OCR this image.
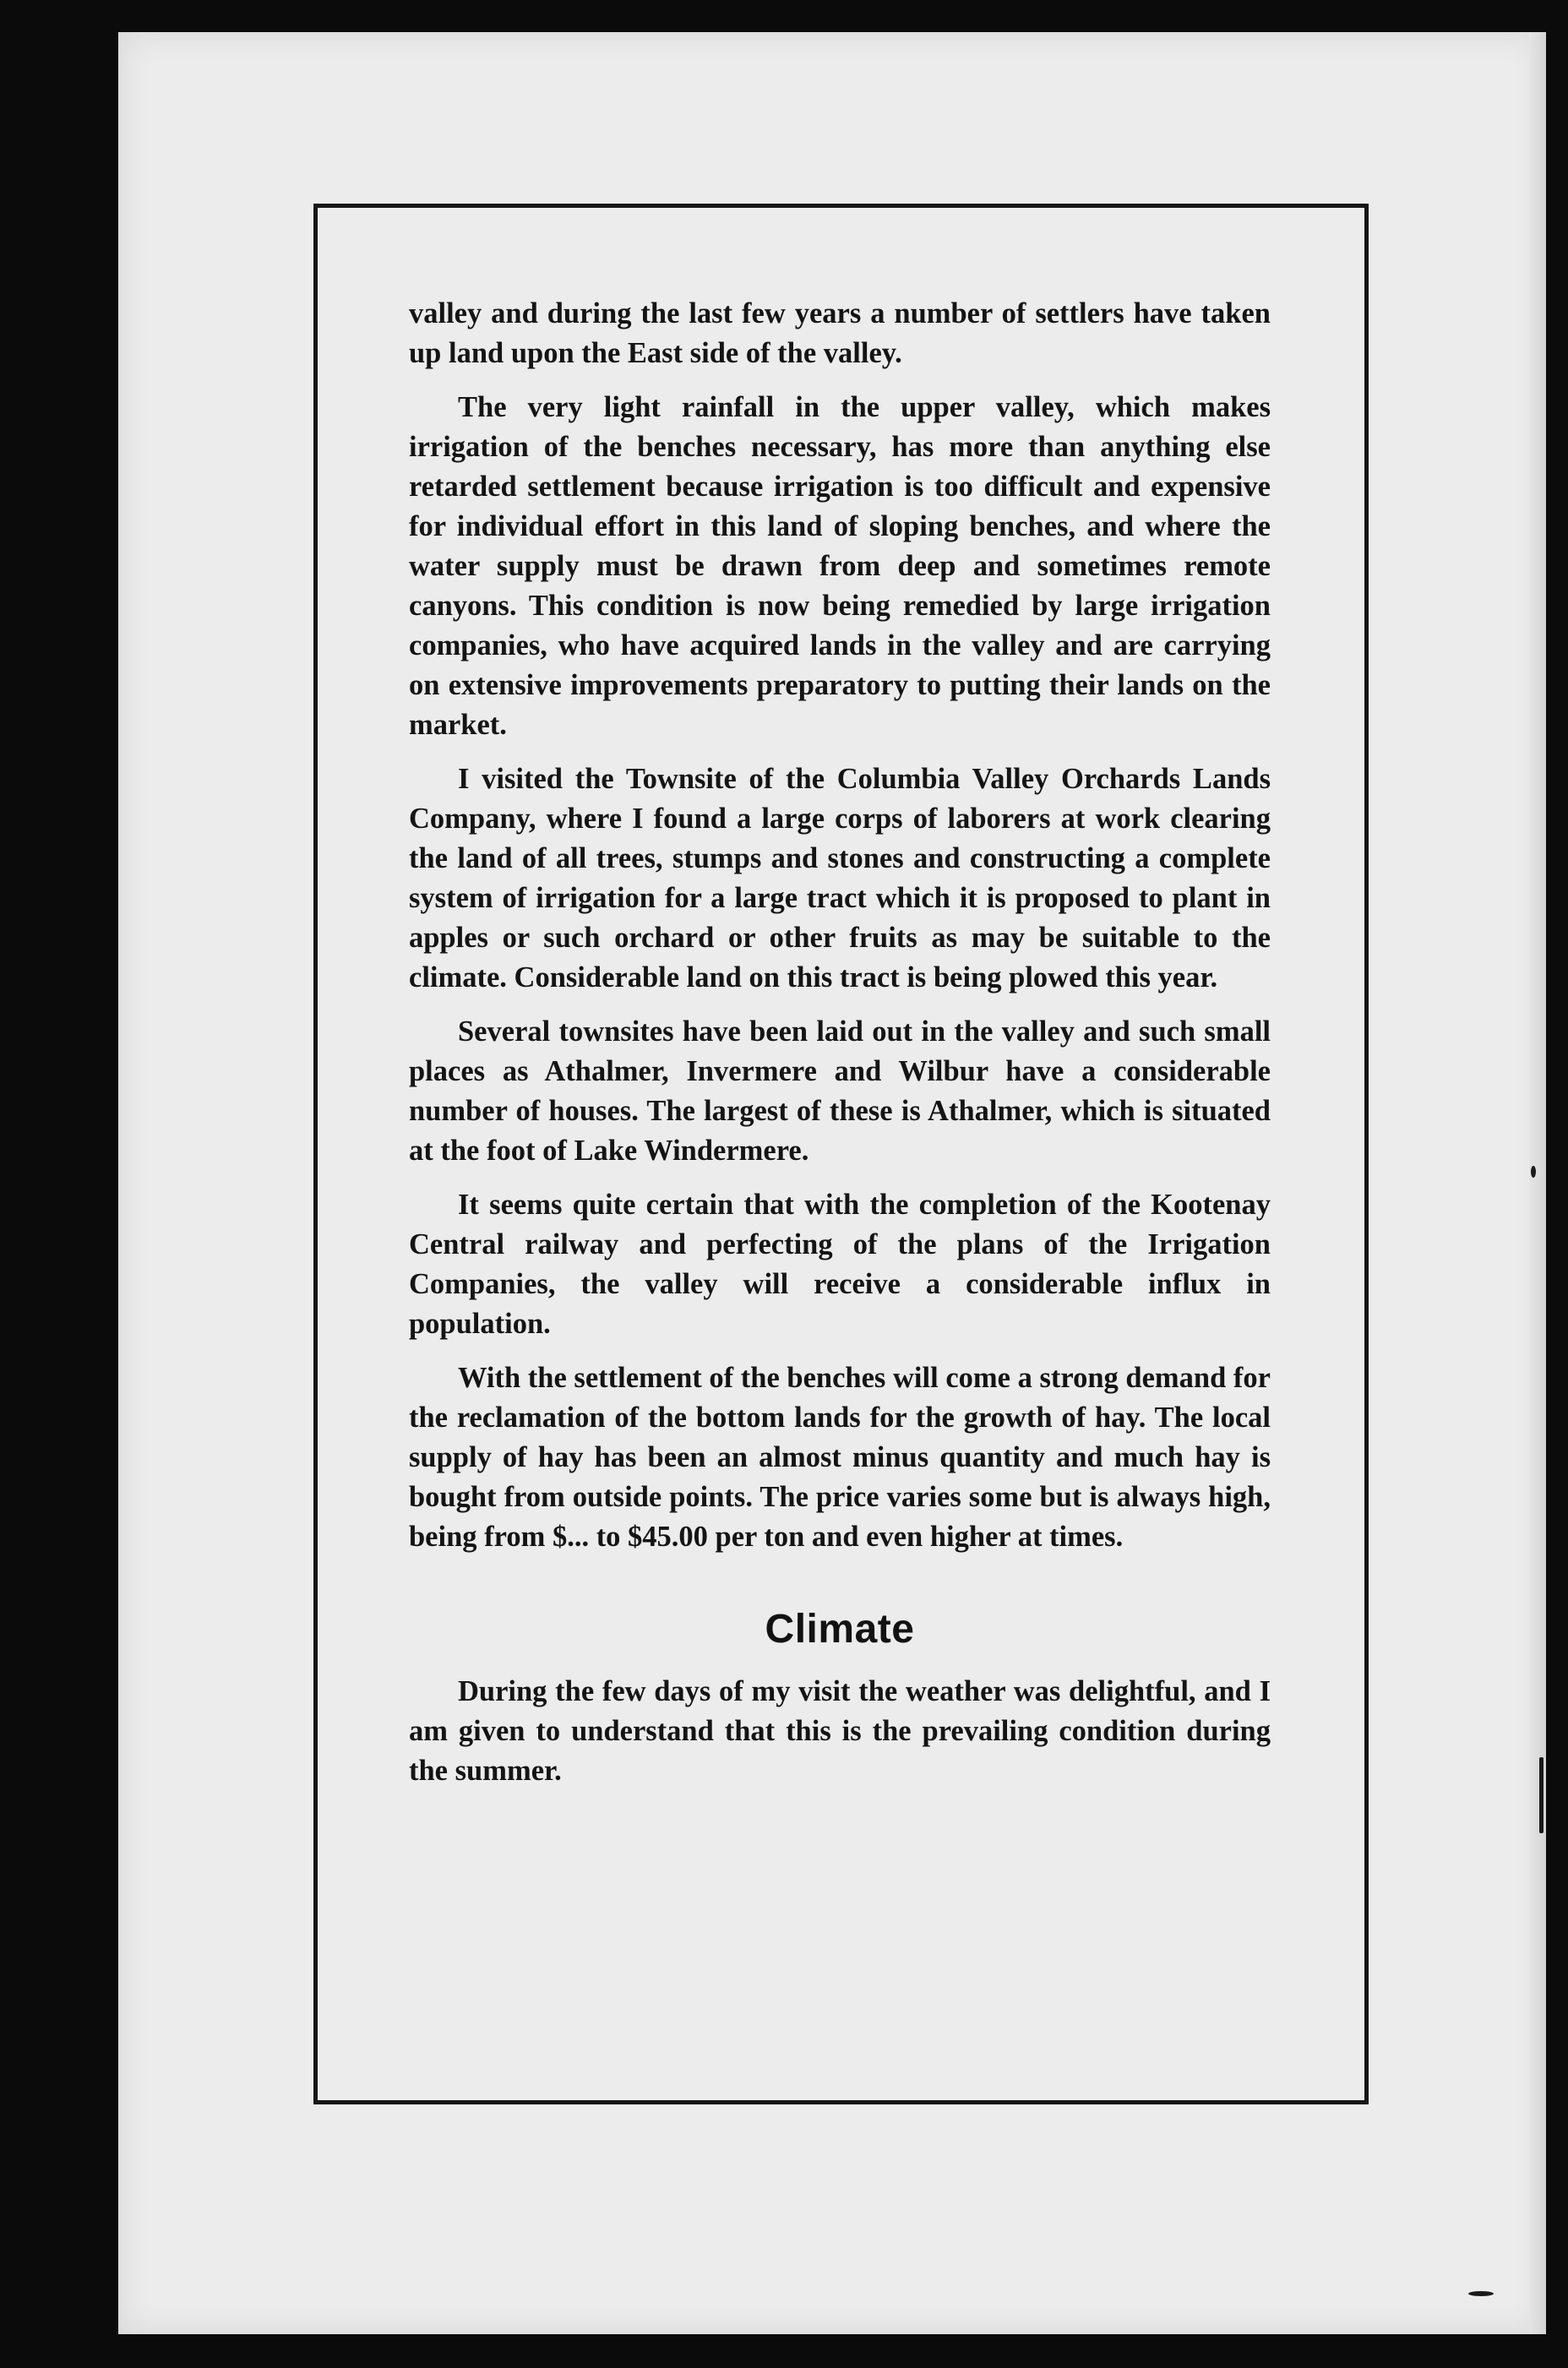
valley and during the last few years a number of settlers have taken up land upon the East side of the valley.

The very light rainfall in the upper valley, which makes irrigation of the benches necessary, has more than anything else retarded settlement because irrigation is too difficult and expensive for individual effort in this land of sloping benches, and where the water supply must be drawn from deep and sometimes remote canyons. This condition is now being remedied by large irrigation companies, who have acquired lands in the valley and are carrying on extensive improvements preparatory to putting their lands on the market.

I visited the Townsite of the Columbia Valley Orchards Lands Company, where I found a large corps of laborers at work clearing the land of all trees, stumps and stones and constructing a complete system of irrigation for a large tract which it is proposed to plant in apples or such orchard or other fruits as may be suitable to the climate. Considerable land on this tract is being plowed this year.

Several townsites have been laid out in the valley and such small places as Athalmer, Invermere and Wilbur have a considerable number of houses. The largest of these is Athalmer, which is situated at the foot of Lake Windermere.

It seems quite certain that with the completion of the Kootenay Central railway and perfecting of the plans of the Irrigation Companies, the valley will receive a considerable influx in population.

With the settlement of the benches will come a strong demand for the reclamation of the bottom lands for the growth of hay. The local supply of hay has been an almost minus quantity and much hay is bought from outside points. The price varies some but is always high, being from $... to $45.00 per ton and even higher at times.

Climate

During the few days of my visit the weather was delightful, and I am given to understand that this is the prevailing condition during the summer.
